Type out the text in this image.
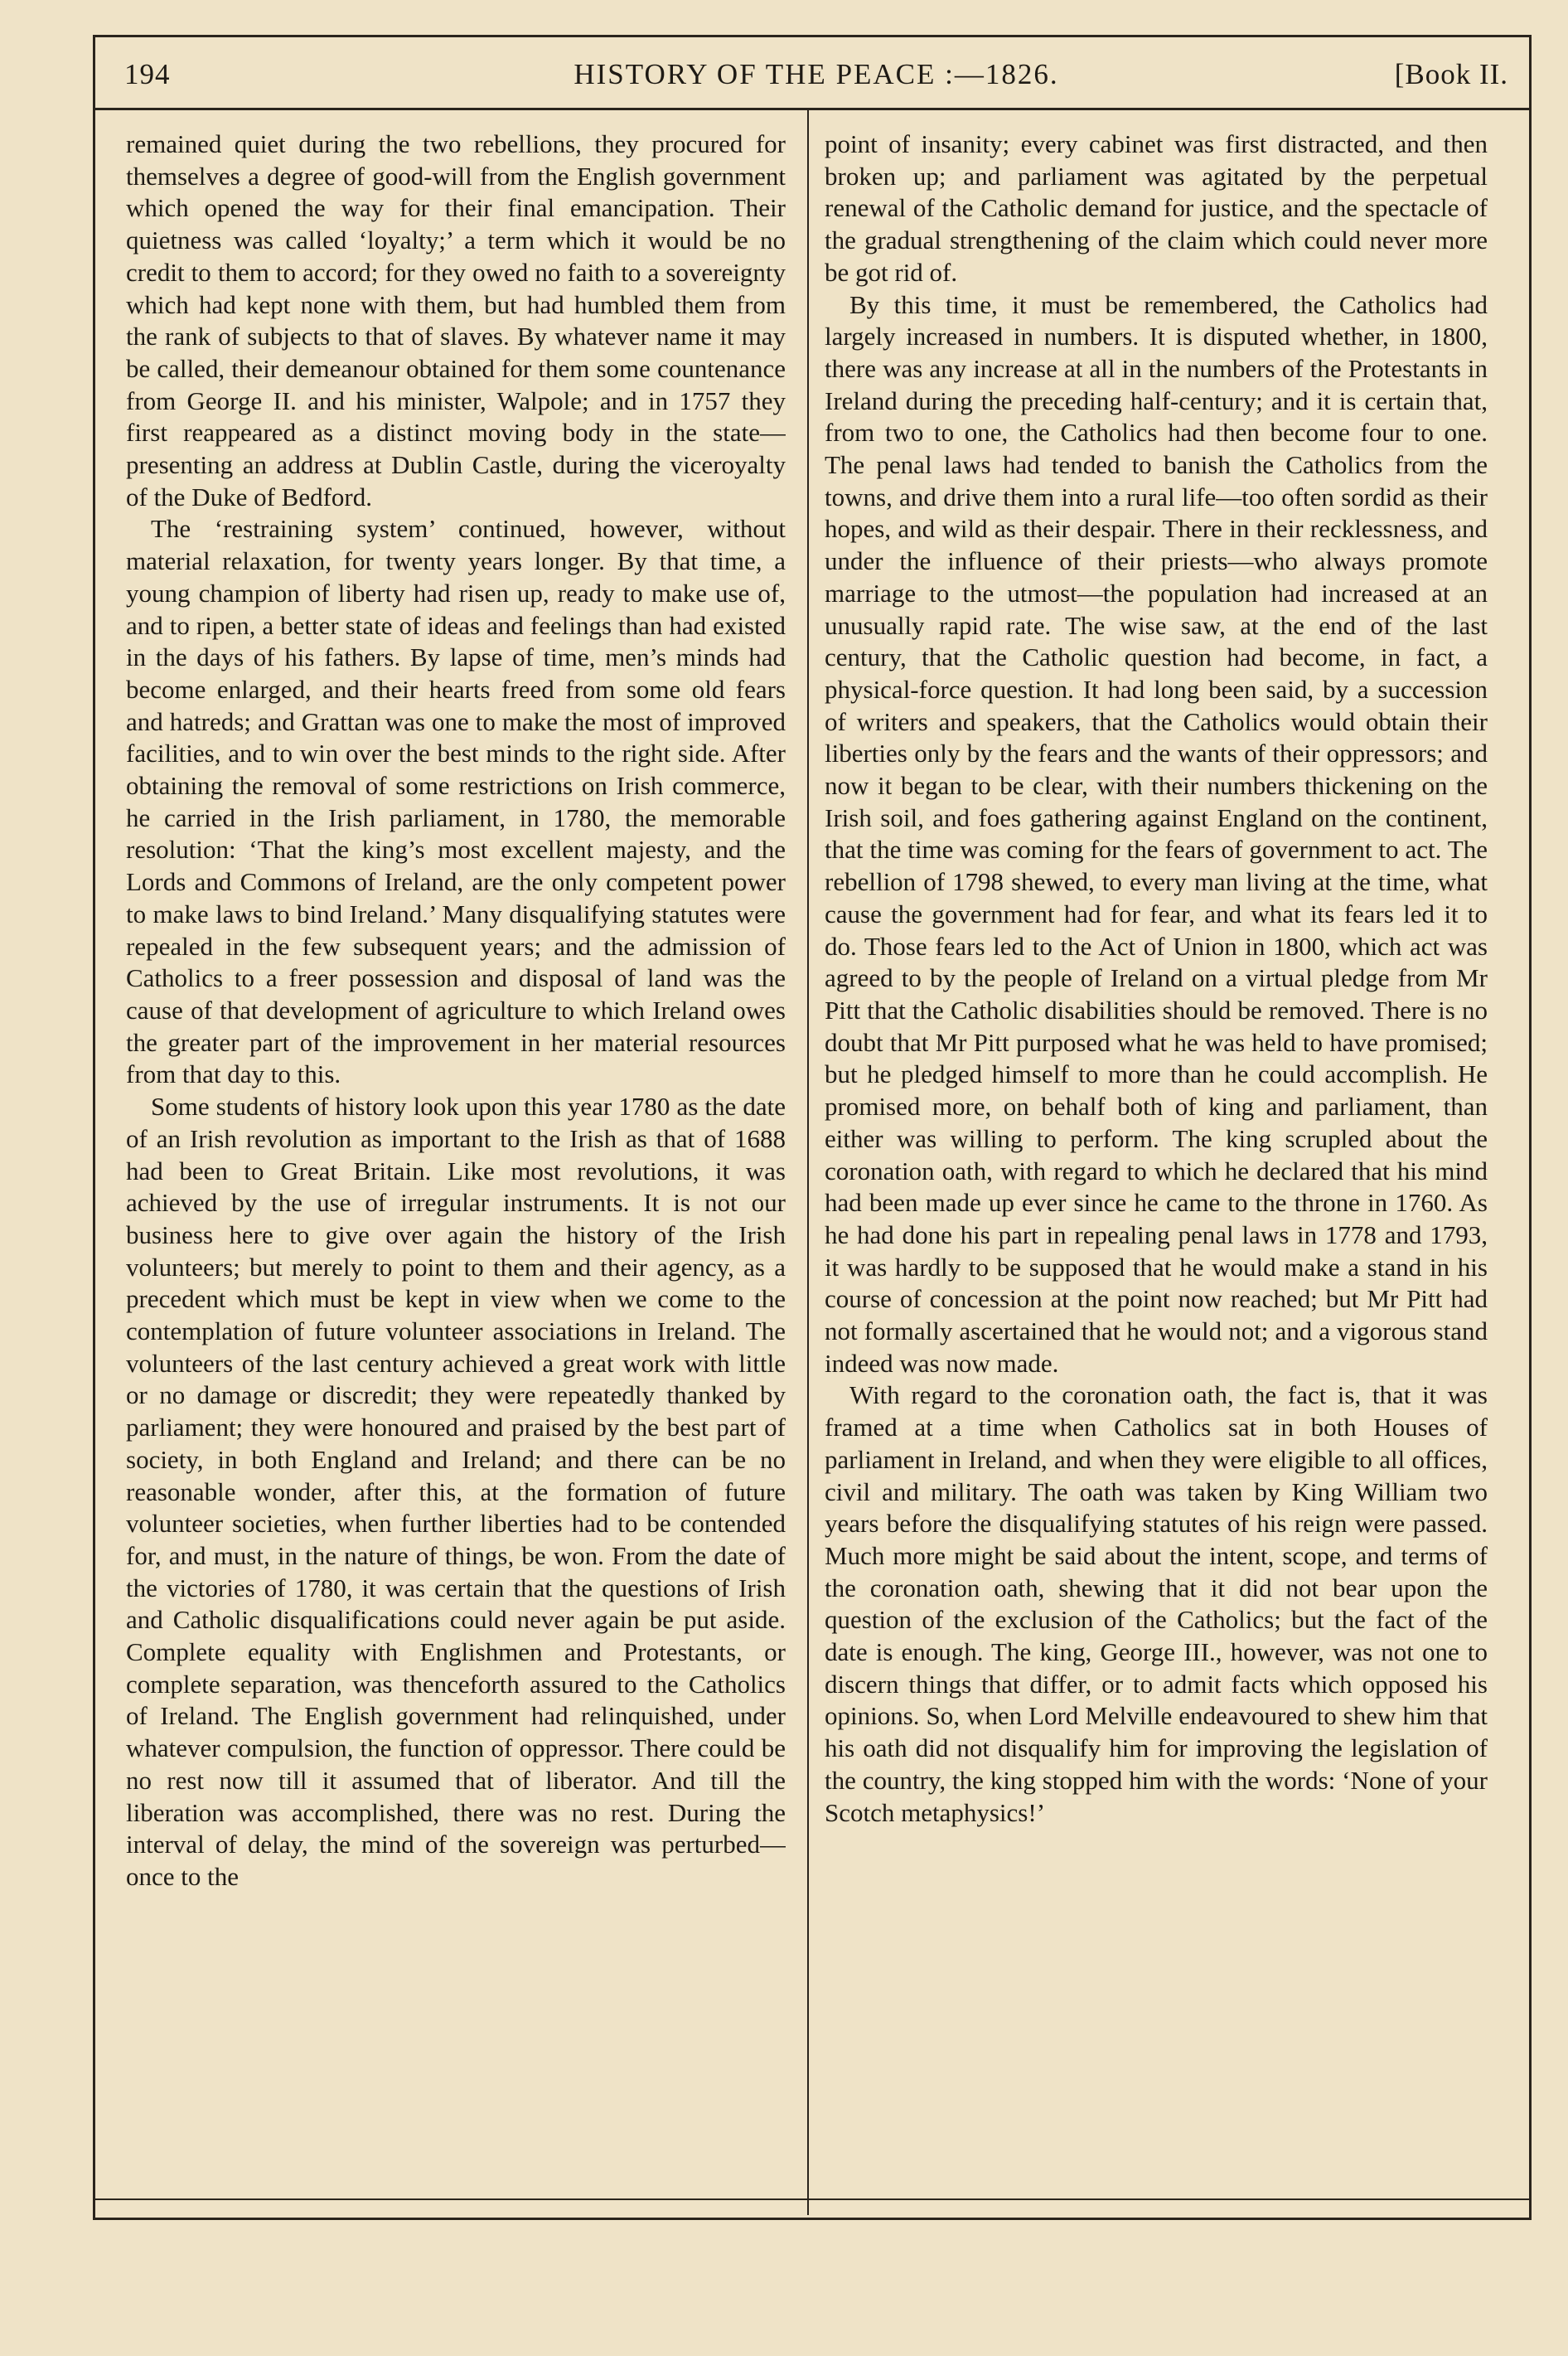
194	HISTORY OF THE PEACE :—1826.	[Book II.

remained quiet during the two rebellions, they procured for themselves a degree of good-will from the English government which opened the way for their final emancipation. Their quietness was called ‘loyalty;’ a term which it would be no credit to them to accord; for they owed no faith to a sovereignty which had kept none with them, but had humbled them from the rank of subjects to that of slaves. By whatever name it may be called, their demeanour obtained for them some countenance from George II. and his minister, Walpole; and in 1757 they first reappeared as a distinct moving body in the state—presenting an address at Dublin Castle, during the viceroyalty of the Duke of Bedford.

The ‘restraining system’ continued, however, without material relaxation, for twenty years longer. By that time, a young champion of liberty had risen up, ready to make use of, and to ripen, a better state of ideas and feelings than had existed in the days of his fathers. By lapse of time, men’s minds had become enlarged, and their hearts freed from some old fears and hatreds; and Grattan was one to make the most of improved facilities, and to win over the best minds to the right side. After obtaining the removal of some restrictions on Irish commerce, he carried in the Irish parliament, in 1780, the memorable resolution: ‘That the king’s most excellent majesty, and the Lords and Commons of Ireland, are the only competent power to make laws to bind Ireland.’ Many disqualifying statutes were repealed in the few subsequent years; and the admission of Catholics to a freer possession and disposal of land was the cause of that development of agriculture to which Ireland owes the greater part of the improvement in her material resources from that day to this.

Some students of history look upon this year 1780 as the date of an Irish revolution as important to the Irish as that of 1688 had been to Great Britain. Like most revolutions, it was achieved by the use of irregular instruments. It is not our business here to give over again the history of the Irish volunteers; but merely to point to them and their agency, as a precedent which must be kept in view when we come to the contemplation of future volunteer associations in Ireland. The volunteers of the last century achieved a great work with little or no damage or discredit; they were repeatedly thanked by parliament; they were honoured and praised by the best part of society, in both England and Ireland; and there can be no reasonable wonder, after this, at the formation of future volunteer societies, when further liberties had to be contended for, and must, in the nature of things, be won. From the date of the victories of 1780, it was certain that the questions of Irish and Catholic disqualifications could never again be put aside. Complete equality with Englishmen and Protestants, or complete separation, was thenceforth assured to the Catholics of Ireland. The English government had relinquished, under whatever compulsion, the function of oppressor. There could be no rest now till it assumed that of liberator. And till the liberation was accomplished, there was no rest. During the interval of delay, the mind of the sovereign was perturbed—once to the

point of insanity; every cabinet was first distracted, and then broken up; and parliament was agitated by the perpetual renewal of the Catholic demand for justice, and the spectacle of the gradual strengthening of the claim which could never more be got rid of.

By this time, it must be remembered, the Catholics had largely increased in numbers. It is disputed whether, in 1800, there was any increase at all in the numbers of the Protestants in Ireland during the preceding half-century; and it is certain that, from two to one, the Catholics had then become four to one. The penal laws had tended to banish the Catholics from the towns, and drive them into a rural life—too often sordid as their hopes, and wild as their despair. There in their recklessness, and under the influence of their priests—who always promote marriage to the utmost—the population had increased at an unusually rapid rate. The wise saw, at the end of the last century, that the Catholic question had become, in fact, a physical-force question. It had long been said, by a succession of writers and speakers, that the Catholics would obtain their liberties only by the fears and the wants of their oppressors; and now it began to be clear, with their numbers thickening on the Irish soil, and foes gathering against England on the continent, that the time was coming for the fears of government to act. The rebellion of 1798 shewed, to every man living at the time, what cause the government had for fear, and what its fears led it to do. Those fears led to the Act of Union in 1800, which act was agreed to by the people of Ireland on a virtual pledge from Mr Pitt that the Catholic disabilities should be removed. There is no doubt that Mr Pitt purposed what he was held to have promised; but he pledged himself to more than he could accomplish. He promised more, on behalf both of king and parliament, than either was willing to perform. The king scrupled about the coronation oath, with regard to which he declared that his mind had been made up ever since he came to the throne in 1760. As he had done his part in repealing penal laws in 1778 and 1793, it was hardly to be supposed that he would make a stand in his course of concession at the point now reached; but Mr Pitt had not formally ascertained that he would not; and a vigorous stand indeed was now made.

With regard to the coronation oath, the fact is, that it was framed at a time when Catholics sat in both Houses of parliament in Ireland, and when they were eligible to all offices, civil and military. The oath was taken by King William two years before the disqualifying statutes of his reign were passed. Much more might be said about the intent, scope, and terms of the coronation oath, shewing that it did not bear upon the question of the exclusion of the Catholics; but the fact of the date is enough. The king, George III., however, was not one to discern things that differ, or to admit facts which opposed his opinions. So, when Lord Melville endeavoured to shew him that his oath did not disqualify him for improving the legislation of the country, the king stopped him with the words: ‘None of your Scotch metaphysics!’
